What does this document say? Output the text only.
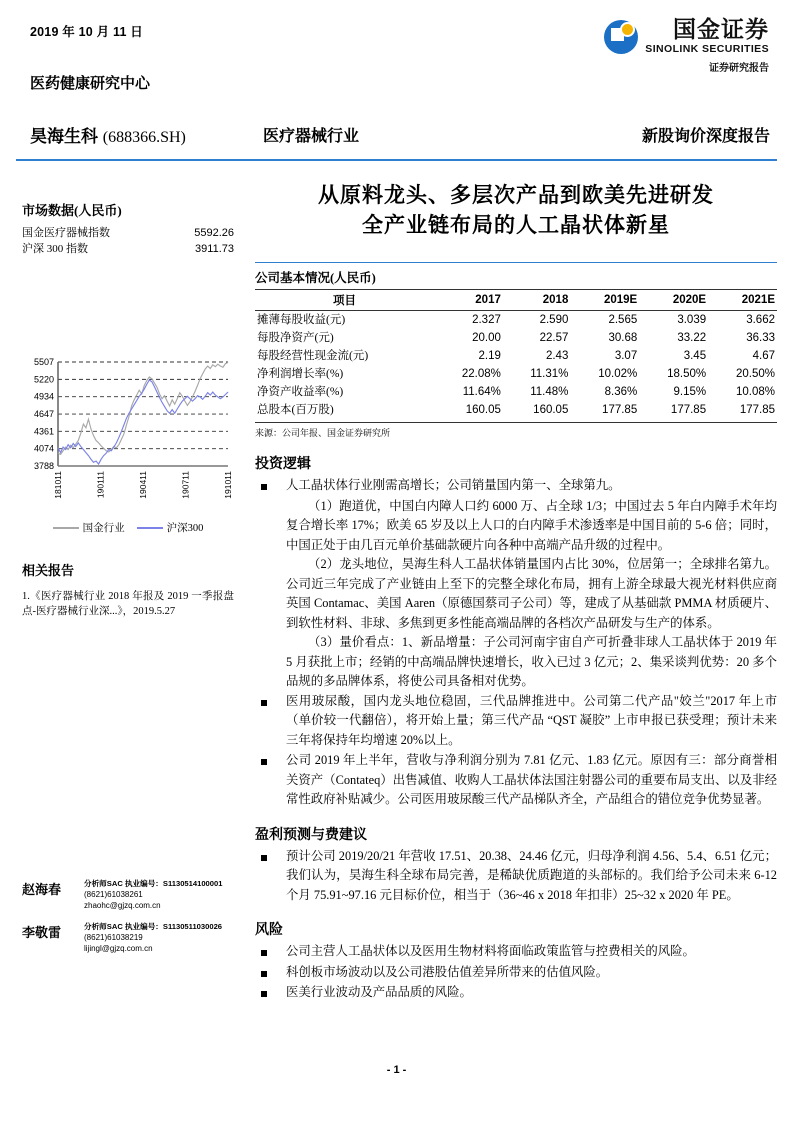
2019 年 10 月 11 日
医药健康研究中心
国金证券
SINOLINK SECURITIES
证券研究报告
昊海生科 (688366.SH)	医疗器械行业	新股询价深度报告
市场数据(人民币)
国金医疗器械指数	5592.26
沪深 300 指数	3911.73
3788
4074
4361
4647
4934
5220
5507
181011	190111	190411	190711	191011
国金行业	沪深300
相关报告
1.《医疗器械行业 2018 年报及 2019 一季报盘点-医疗器械行业深...》，2019.5.27
赵海春	分析师SAC 执业编号：S1130514100001
(8621)61038261
zhaohc@gjzq.com.cn
李敬雷	分析师SAC 执业编号：S1130511030026
(8621)61038219
lijingl@gjzq.com.cn
从原料龙头、多层次产品到欧美先进研发
全产业链布局的人工晶状体新星
公司基本情况(人民币)
项目	2017	2018	2019E	2020E	2021E
摊薄每股收益(元)	2.327	2.590	2.565	3.039	3.662
每股净资产(元)	20.00	22.57	30.68	33.22	36.33
每股经营性现金流(元)	2.19	2.43	3.07	3.45	4.67
净利润增长率(%)	22.08%	11.31%	10.02%	18.50%	20.50%
净资产收益率(%)	11.64%	11.48%	8.36%	9.15%	10.08%
总股本(百万股)	160.05	160.05	177.85	177.85	177.85
来源：公司年报、国金证券研究所
投资逻辑
人工晶状体行业刚需高增长；公司销量国内第一、全球第九。
（1）跑道优，中国白内障人口约 6000 万、占全球 1/3；中国过去 5 年白内障手术年均复合增长率 17%；欧美 65 岁及以上人口的白内障手术渗透率是中国目前的 5-6 倍；同时，中国正处于由几百元单价基础款硬片向各种中高端产品升级的过程中。
（2）龙头地位，昊海生科人工晶状体销量国内占比 30%，位居第一；全球排名第九。公司近三年完成了产业链由上至下的完整全球化布局，拥有上游全球最大视光材料供应商英国 Contamac、美国 Aaren（原德国蔡司子公司）等，建成了从基础款 PMMA 材质硬片、到软性材料、非球、多焦到更多性能高端品牌的各档次产品研发与生产的体系。
（3）量价看点：1、新品增量：子公司河南宇宙自产可折叠非球人工晶状体于 2019 年 5 月获批上市；经销的中高端品牌快速增长，收入已过 3 亿元；2、集采谈判优势：20 多个品规的多品牌体系，将使公司具备相对优势。
医用玻尿酸，国内龙头地位稳固，三代品牌推进中。公司第二代产品"姣兰"2017 年上市（单价较一代翻倍），将开始上量；第三代产品 “QST 凝胶” 上市申报已获受理；预计未来三年将保持年均增速 20%以上。
公司 2019 年上半年，营收与净利润分别为 7.81 亿元、1.83 亿元。原因有三：部分商誉相关资产（Contateq）出售减值、收购人工晶状体法国注射器公司的重要布局支出、以及非经常性政府补贴减少。公司医用玻尿酸三代产品梯队齐全，产品组合的错位竞争优势显著。
盈利预测与费建议
预计公司 2019/20/21 年营收 17.51、20.38、24.46 亿元，归母净利润 4.56、5.4、6.51 亿元；我们认为，昊海生科全球布局完善，是稀缺优质跑道的头部标的。我们给予公司未来 6-12 个月 75.91~97.16 元目标价位，相当于（36~46 x 2018 年扣非）25~32 x 2020 年 PE。
风险
公司主营人工晶状体以及医用生物材料将面临政策监管与控费相关的风险。
科创板市场波动以及公司港股估值差异所带来的估值风险。
医美行业波动及产品品质的风险。
- 1 -
